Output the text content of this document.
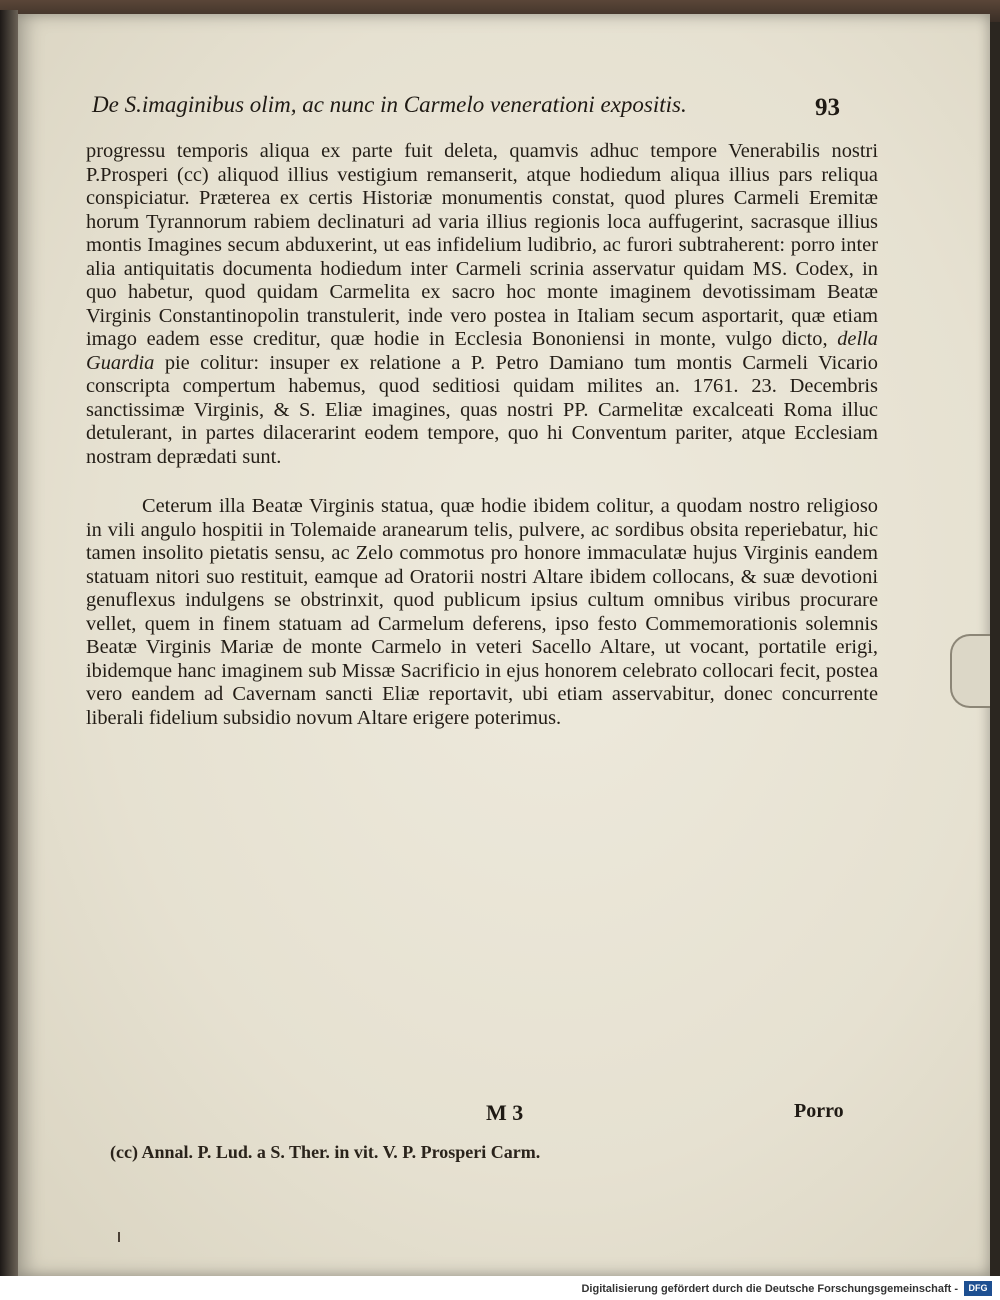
De S.imaginibus olim, ac nunc in Carmelo venerationi expositis.	93

progressu temporis aliqua ex parte fuit deleta, quamvis adhuc tempore Venerabilis nostri P.Prosperi (cc) aliquod illius vestigium remanserit, atque hodiedum aliqua illius pars reliqua conspiciatur. Præterea ex certis Historiæ monumentis constat, quod plures Carmeli Eremitæ horum Tyrannorum rabiem declinaturi ad varia illius regionis loca auffugerint, sacrasque illius montis Imagines secum abduxerint, ut eas infidelium ludibrio, ac furori subtraherent: porro inter alia antiquitatis documenta hodiedum inter Carmeli scrinia asservatur quidam MS. Codex, in quo habetur, quod quidam Carmelita ex sacro hoc monte imaginem devotissimam Beatæ Virginis Constantinopolin transtulerit, inde vero postea in Italiam secum asportarit, quæ etiam imago eadem esse creditur, quæ hodie in Ecclesia Bononiensi in monte, vulgo dicto, della Guardia pie colitur: insuper ex relatione a P. Petro Damiano tum montis Carmeli Vicario conscripta compertum habemus, quod seditiosi quidam milites an. 1761. 23. Decembris sanctissimæ Virginis, & S. Eliæ imagines, quas nostri PP. Carmelitæ excalceati Roma illuc detulerant, in partes dilacerarint eodem tempore, quo hi Conventum pariter, atque Ecclesiam nostram deprædati sunt.

Ceterum illa Beatæ Virginis statua, quæ hodie ibidem colitur, a quodam nostro religioso in vili angulo hospitii in Tolemaide aranearum telis, pulvere, ac sordibus obsita reperiebatur, hic tamen insolito pietatis sensu, ac Zelo commotus pro honore immaculatæ hujus Virginis eandem statuam nitori suo restituit, eamque ad Oratorii nostri Altare ibidem collocans, & suæ devotioni genuflexus indulgens se obstrinxit, quod publicum ipsius cultum omnibus viribus procurare vellet, quem in finem statuam ad Carmelum deferens, ipso festo Commemorationis solemnis Beatæ Virginis Mariæ de monte Carmelo in veteri Sacello Altare, ut vocant, portatile erigi, ibidemque hanc imaginem sub Missæ Sacrificio in ejus honorem celebrato collocari fecit, postea vero eandem ad Cavernam sancti Eliæ reportavit, ubi etiam asservabitur, donec concurrente liberali fidelium subsidio novum Altare erigere poterimus.

M 3	Porro
(cc) Annal. P. Lud. a S. Ther. in vit. V. P. Prosperi Carm.
Digitalisierung gefördert durch die Deutsche Forschungsgemeinschaft -	DFG
